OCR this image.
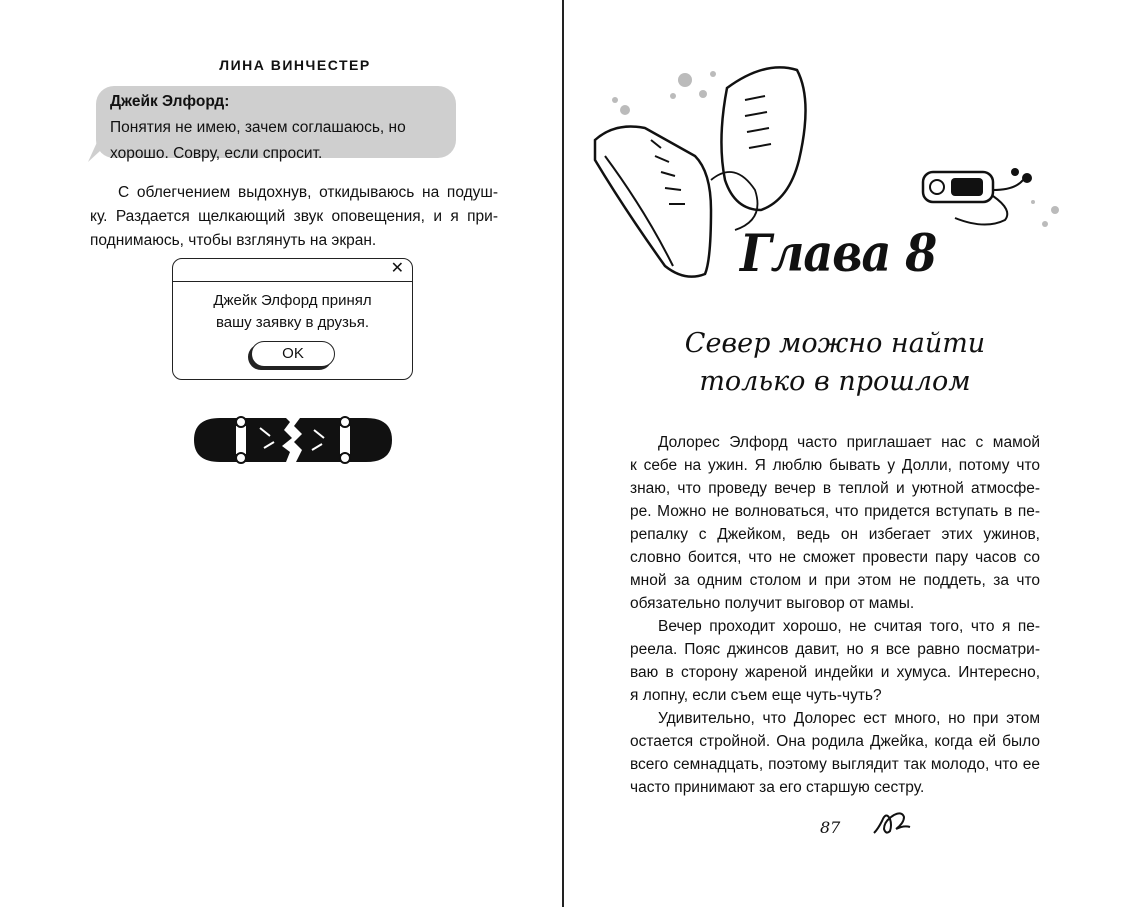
ЛИНА ВИНЧЕСТЕР
Джейк Элфорд:
Понятия не имею, зачем соглашаюсь, но
хорошо. Совру, если спросит.

С облегчением выдохнув, откидываюсь на подуш-
ку. Раздается щелкающий звук оповещения, и я при-
поднимаюсь, чтобы взглянуть на экран.

✕
Джейк Элфорд принял
вашу заявку в друзья.
OK
Глава 8
Север можно найти
только в прошлом
Долорес Элфорд часто приглашает нас с мамой
к себе на ужин. Я люблю бывать у Долли, потому что
знаю, что проведу вечер в теплой и уютной атмосфе-
ре. Можно не волноваться, что придется вступать в пе-
репалку с Джейком, ведь он избегает этих ужинов,
словно боится, что не сможет провести пару часов со
мной за одним столом и при этом не поддеть, за что
обязательно получит выговор от мамы.
Вечер проходит хорошо, не считая того, что я пе-
реела. Пояс джинсов давит, но я все равно посматри-
ваю в сторону жареной индейки и хумуса. Интересно,
я лопну, если съем еще чуть-чуть?
Удивительно, что Долорес ест много, но при этом
остается стройной. Она родила Джейка, когда ей было
всего семнадцать, поэтому выглядит так молодо, что ее
часто принимают за его старшую сестру.
87
